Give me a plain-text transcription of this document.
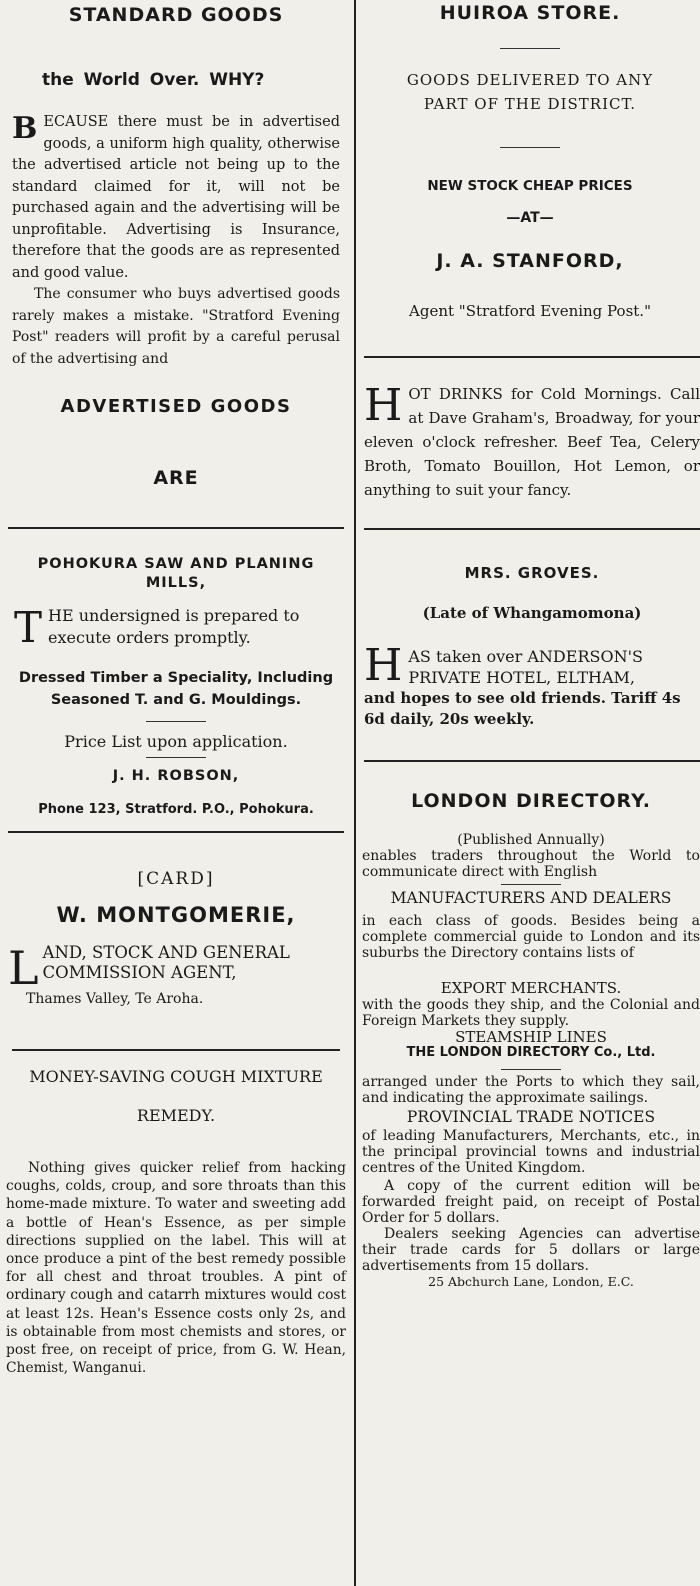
STANDARD GOODS
the World Over. WHY?
B ECAUSE there must be in advertised goods, a uniform high quality, otherwise the advertised article not being up to the standard claimed for it, will not be purchased again and the advertising will be unprofitable. Advertising is Insurance, therefore that the goods are as represented and good value.

The consumer who buys advertised goods rarely makes a mistake. "Stratford Evening Post" readers will profit by a careful perusal of the advertising and

ADVERTISED GOODS
ARE
POHOKURA SAW AND PLANING MILLS,
T HE undersigned is prepared to execute orders promptly.
Dressed Timber a Speciality, Including Seasoned T. and G. Mouldings.
Price List upon application.
J. H. ROBSON,
Phone 123, Stratford. P.O., Pohokura.
[CARD]
W. MONTGOMERIE,
L AND, STOCK AND GENERAL
COMMISSION AGENT,
Thames Valley, Te Aroha.
MONEY-SAVING COUGH MIXTURE
REMEDY.

Nothing gives quicker relief from hacking coughs, colds, croup, and sore throats than this home-made mixture. To water and sweeting add a bottle of Hean's Essence, as per simple directions supplied on the label. This will at once produce a pint of the best remedy possible for all chest and throat troubles. A pint of ordinary cough and catarrh mixtures would cost at least 12s. Hean's Essence costs only 2s, and is obtainable from most chemists and stores, or post free, on receipt of price, from G. W. Hean, Chemist, Wanganui.

HUIROA STORE.
GOODS DELIVERED TO ANY
PART OF THE DISTRICT.
NEW STOCK CHEAP PRICES
—AT—
J. A. STANFORD,
Agent "Stratford Evening Post."
H OT DRINKS for Cold Mornings. Call at Dave Graham's, Broadway, for your eleven o'clock refresher. Beef Tea, Celery Broth, Tomato Bouillon, Hot Lemon, or anything to suit your fancy.
MRS. GROVES.
(Late of Whangamomona)
H AS taken over ANDERSON'S
PRIVATE HOTEL, ELTHAM,
and hopes to see old friends. Tariff 4s 6d daily, 20s weekly.
LONDON DIRECTORY.
(Published Annually)

enables traders throughout the World to communicate direct with English

MANUFACTURERS AND DEALERS

in each class of goods. Besides being a complete commercial guide to London and its suburbs the Directory contains lists of

EXPORT MERCHANTS.

with the goods they ship, and the Colonial and Foreign Markets they supply.

STEAMSHIP LINES
THE LONDON DIRECTORY Co., Ltd.

arranged under the Ports to which they sail, and indicating the approximate sailings.

PROVINCIAL TRADE NOTICES

of leading Manufacturers, Merchants, etc., in the principal provincial towns and industrial centres of the United Kingdom.

A copy of the current edition will be forwarded freight paid, on receipt of Postal Order for 5 dollars.

Dealers seeking Agencies can advertise their trade cards for 5 dollars or large advertisements from 15 dollars.

25 Abchurch Lane, London, E.C.
